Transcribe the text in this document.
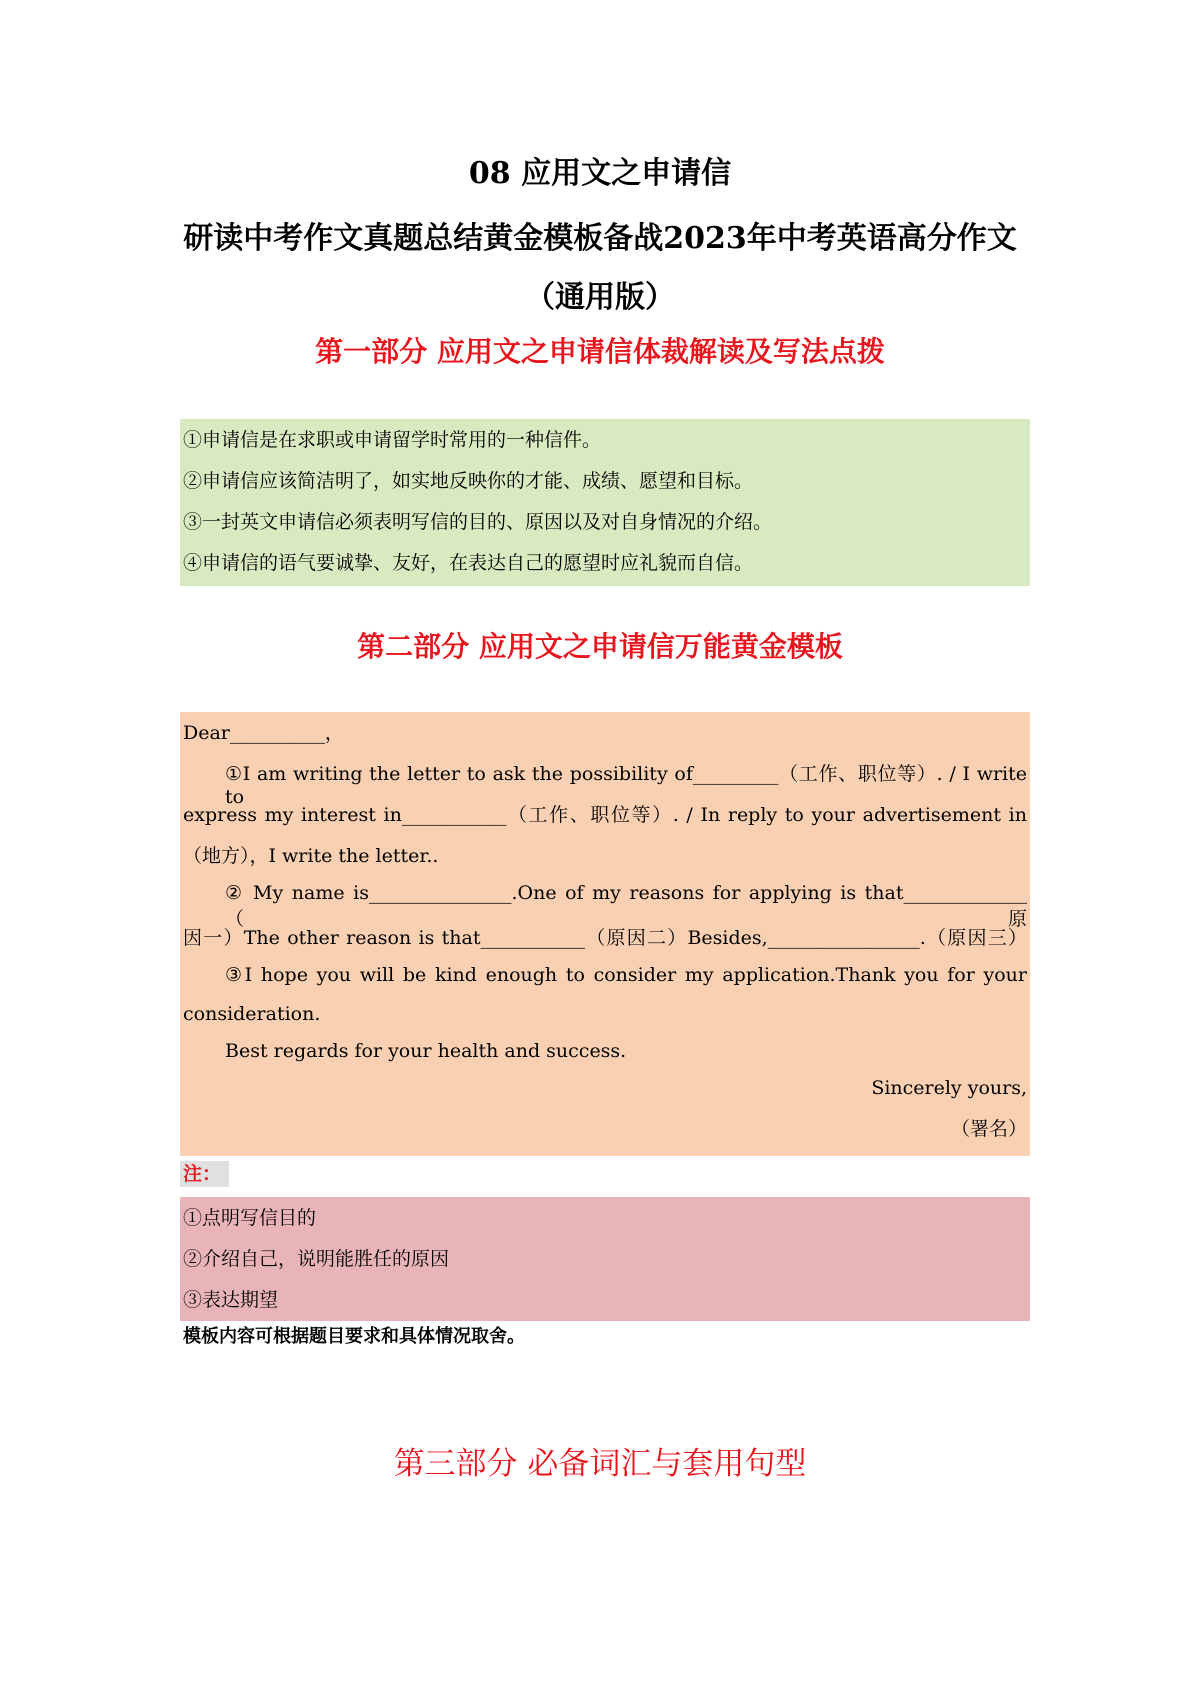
08 应用文之申请信
研读中考作文真题总结黄金模板备战2023年中考英语高分作文
（通用版）
第一部分 应用文之申请信体裁解读及写法点拨
①申请信是在求职或申请留学时常用的一种信件。
②申请信应该简洁明了，如实地反映你的才能、成绩、愿望和目标。
③一封英文申请信必须表明写信的目的、原因以及对自身情况的介绍。
④申请信的语气要诚挚、友好，在表达自己的愿望时应礼貌而自信。
第二部分 应用文之申请信万能黄金模板
Dear__________，
①I am writing the letter to ask the possibility of_________（工作、职位等）. / I write to
express my interest in___________（工作、职位等）. / In reply to your advertisement in
（地方），I write the letter..
② My name is_______________.One of my reasons for applying is that_____________（原
因一）The other reason is that___________（原因二）Besides,________________.（原因三）
③I hope you will be kind enough to consider my application.Thank you for your
consideration.
Best regards for your health and success.
Sincerely yours,
（署名）
注：
①点明写信目的
②介绍自己，说明能胜任的原因
③表达期望
模板内容可根据题目要求和具体情况取舍。
第三部分 必备词汇与套用句型
